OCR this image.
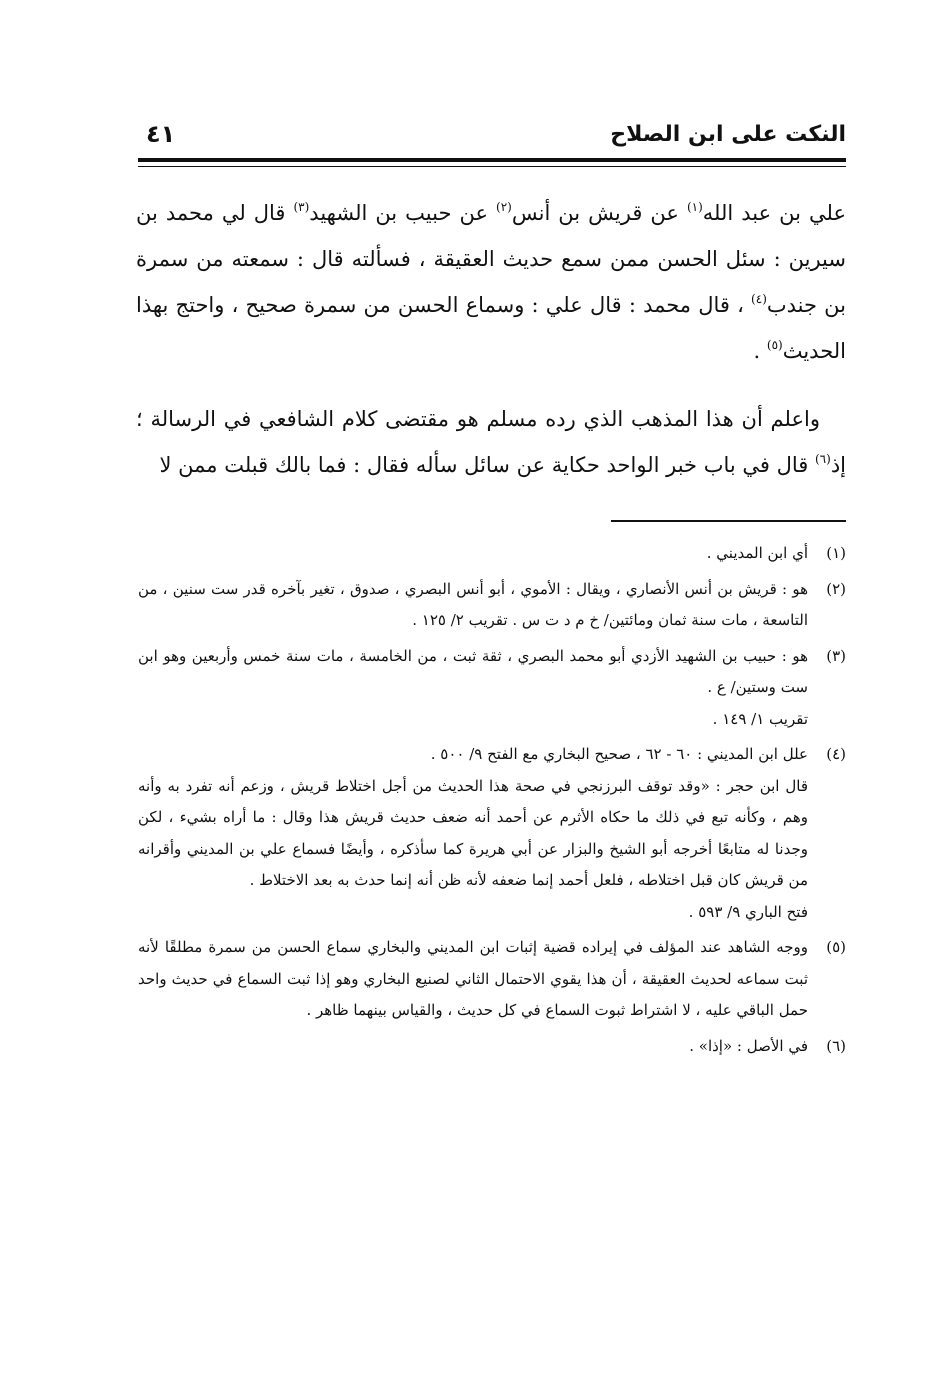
النكت على ابن الصلاح
٤١

علي بن عبد الله$^{(١)}$ عن قريش بن أنس$^{(٢)}$ عن حبيب بن الشهيد$^{(٣)}$ قال لي محمد بن سيرين : سئل الحسن ممن سمع حديث العقيقة ، فسألته قال : سمعته من سمرة بن جندب$^{(٤)}$ ، قال محمد : قال علي : وسماع الحسن من سمرة صحيح ، واحتج بهذا الحديث$^{(٥)}$ .

واعلم أن هذا المذهب الذي رده مسلم هو مقتضى كلام الشافعي في الرسالة ؛ إذ$^{(٦)}$ قال في باب خبر الواحد حكاية عن سائل سأله فقال : فما بالك قبلت ممن لا

(١)
أي ابن المديني .
(٢)
هو : قريش بن أنس الأنصاري ، ويقال : الأموي ، أبو أنس البصري ، صدوق ، تغير بآخره قدر ست سنين ، من التاسعة ، مات سنة ثمان ومائتين/ خ م د ت س . تقريب ٢/ ١٢٥ .
(٣)
هو : حبيب بن الشهيد الأزدي أبو محمد البصري ، ثقة ثبت ، من الخامسة ، مات سنة خمس وأربعين وهو ابن ست وستين/ ع .
تقريب ١/ ١٤٩ .
(٤)
علل ابن المديني : ٦٠ - ٦٢ ، صحيح البخاري مع الفتح ٩/ ٥٠٠ .
قال ابن حجر : «وقد توقف البرزنجي في صحة هذا الحديث من أجل اختلاط قريش ، وزعم أنه تفرد به وأنه وهم ، وكأنه تبع في ذلك ما حكاه الأثرم عن أحمد أنه ضعف حديث قريش هذا وقال : ما أراه بشيء ، لكن وجدنا له متابعًا أخرجه أبو الشيخ والبزار عن أبي هريرة كما سأذكره ، وأيضًا فسماع علي بن المديني وأقرانه من قريش كان قبل اختلاطه ، فلعل أحمد إنما ضعفه لأنه ظن أنه إنما حدث به بعد الاختلاط .
فتح الباري ٩/ ٥٩٣ .
(٥)
ووجه الشاهد عند المؤلف في إيراده قضية إثبات ابن المديني والبخاري سماع الحسن من سمرة مطلقًا لأنه ثبت سماعه لحديث العقيقة ، أن هذا يقوي الاحتمال الثاني لصنيع البخاري وهو إذا ثبت السماع في حديث واحد حمل الباقي عليه ، لا اشتراط ثبوت السماع في كل حديث ، والقياس بينهما ظاهر .
(٦)
في الأصل : «إذا» .
